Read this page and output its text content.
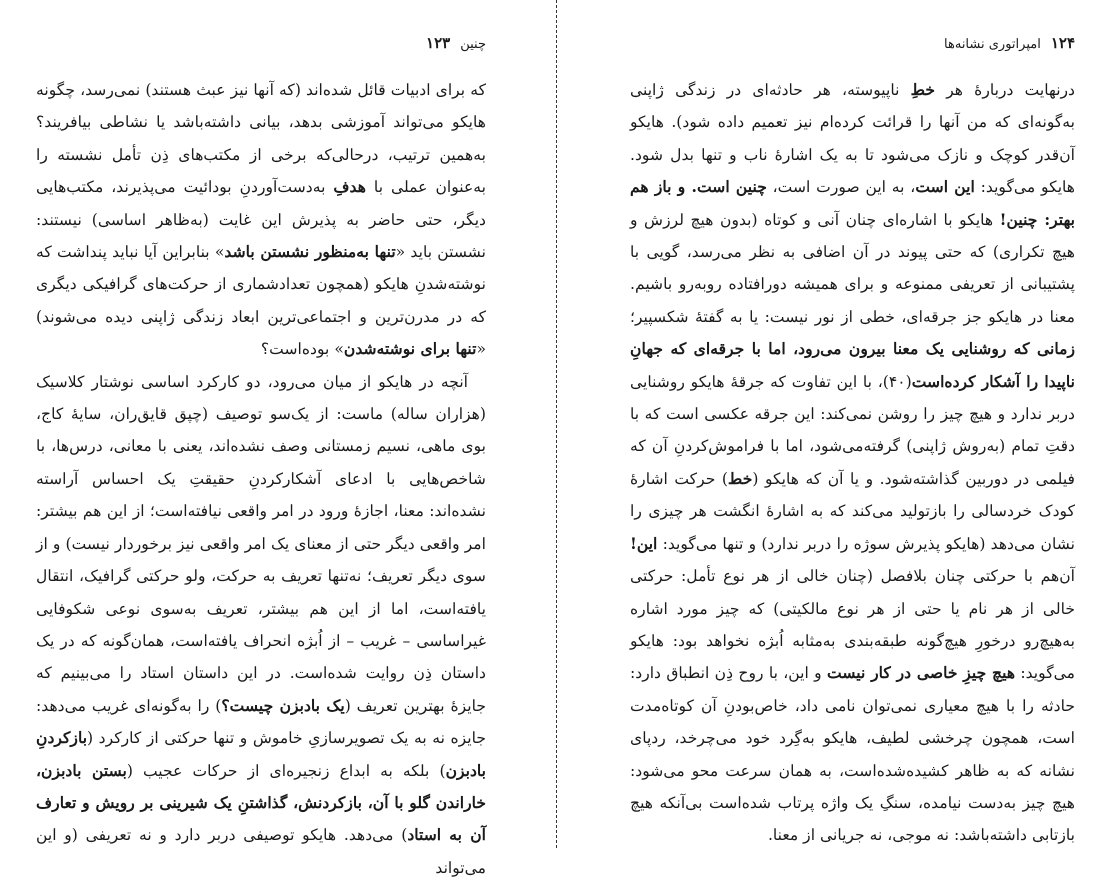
چنین
۱۲۳

که برای ادبیات قائل شده‌اند (که آنها نیز عبث هستند) نمی‌رسد، چگونه هایکو می‌تواند آموزشی بدهد، بیانی داشته‌باشد یا نشاطی بیافریند؟ به‌همین ترتیب، درحالی‌که برخی از مکتب‌های ذِن تأمل نشسته را به‌عنوان عملی با هدفِ به‌دست‌آوردنِ بودائیت می‌پذیرند، مکتب‌هایی دیگر، حتی حاضر به پذیرش این غایت (به‌ظاهر اساسی) نیستند: نشستن باید «تنها به‌منظور نشستن باشد» بنابراین آیا نباید پنداشت که نوشته‌شدنِ هایکو (همچون تعدادشماری از حرکت‌های گرافیکی دیگری که در مدرن‌ترین و اجتماعی‌ترین ابعاد زندگی ژاپنی دیده می‌شوند) «تنها برای نوشته‌شدن» بوده‌است؟

آنچه در هایکو از میان می‌رود، دو کارکرد اساسی نوشتار کلاسیک (هزاران ساله) ماست: از یک‌سو توصیف (چپق قایق‌ران، سایهٔ کاج، بوی ماهی، نسیم زمستانی وصف نشده‌اند، یعنی با معانی، درس‌ها، با شاخص‌هایی با ادعای آشکارکردنِ حقیقتِ یک احساس آراسته نشده‌اند: معنا، اجازهٔ ورود در امر واقعی نیافته‌است؛ از این هم بیشتر: امر واقعی دیگر حتی از معنای یک امر واقعی نیز برخوردار نیست) و از سوی دیگر تعریف؛ نه‌تنها تعریف به حرکت، ولو حرکتی گرافیک، انتقال یافته‌است، اما از این هم بیشتر، تعریف به‌سوی نوعی شکوفایی غیراساسی – غریب – از اُبژه انحراف یافته‌است، همان‌گونه که در یک داستان ذِن روایت شده‌است. در این داستان استاد را می‌بینیم که جایزهٔ بهترین تعریف (یک بادبزن چیست؟) را به‌گونه‌ای غریب می‌دهد: جایزه نه به یک تصویرسازیِ خاموش و تنها حرکتی از کارکرد (بازکردنِ بادبزن) بلکه به ابداع زنجیره‌ای از حرکات عجیب (بستن بادبزن، خاراندن گلو با آن، بازکردنش، گذاشتنِ یک شیرینی بر رویش و تعارف آن به استاد) می‌دهد. هایکو توصیفی دربر دارد و نه تعریفی (و این می‌تواند

۱۲۴
امپراتوری نشانه‌ها

درنهایت دربارهٔ هر خطِ ناپیوسته، هر حادثه‌ای در زندگی ژاپنی به‌گونه‌ای که من آنها را قرائت کرده‌ام نیز تعمیم داده شود). هایکو آن‌قدر کوچک و نازک می‌شود تا به یک اشارهٔ ناب و تنها بدل شود. هایکو می‌گوید: این است، به این صورت است، چنین است. و باز هم بهتر: چنین! هایکو با اشاره‌ای چنان آنی و کوتاه (بدون هیچ لرزش و هیچ تکراری) که حتی پیوند در آن اضافی به نظر می‌رسد، گویی با پشتیبانی از تعریفی ممنوعه و برای همیشه دورافتاده روبه‌رو باشیم. معنا در هایکو جز جرقه‌ای، خطی از نور نیست: یا به گفتهٔ شکسپیر؛ زمانی که روشنایی یک معنا بیرون می‌رود، اما با جرقه‌ای که جهانِ ناپیدا را آشکار کرده‌است(۴۰)، با این تفاوت که جرقهٔ هایکو روشنایی دربر ندارد و هیچ چیز را روشن نمی‌کند: این جرقه عکسی است که با دقتِ تمام (به‌روش ژاپنی) گرفته‌می‌شود، اما با فراموش‌کردنِ آن که فیلمی در دوربین گذاشته‌شود. و یا آن که هایکو (خط) حرکت اشارهٔ کودک خردسالی را بازتولید می‌کند که به اشارهٔ انگشت هر چیزی را نشان می‌دهد (هایکو پذیرش سوژه را دربر ندارد) و تنها می‌گوید: این! آن‌هم با حرکتی چنان بلافصل (چنان خالی از هر نوع تأمل: حرکتی خالی از هر نام یا حتی از هر نوع مالکیتی) که چیز مورد اشاره به‌هیچ‌رو درخورِ هیچ‌گونه طبقه‌بندی به‌مثابه اُبژه نخواهد بود: هایکو می‌گوید: هیچ چیزِ خاصی در کار نیست و این، با روح ذِن انطباق دارد: حادثه را با هیچ معیاری نمی‌توان نامی داد، خاص‌بودنِ آن کوتاه‌مدت است، همچون چرخشی لطیف، هایکو به‌گِرد خود می‌چرخد، ردپای نشانه که به ظاهر کشیده‌شده‌است، به همان سرعت محو می‌شود: هیچ چیز به‌دست نیامده، سنگِ یک واژه پرتاب شده‌است بی‌آنکه هیچ بازتابی داشته‌باشد: نه موجی، نه جریانی از معنا.
